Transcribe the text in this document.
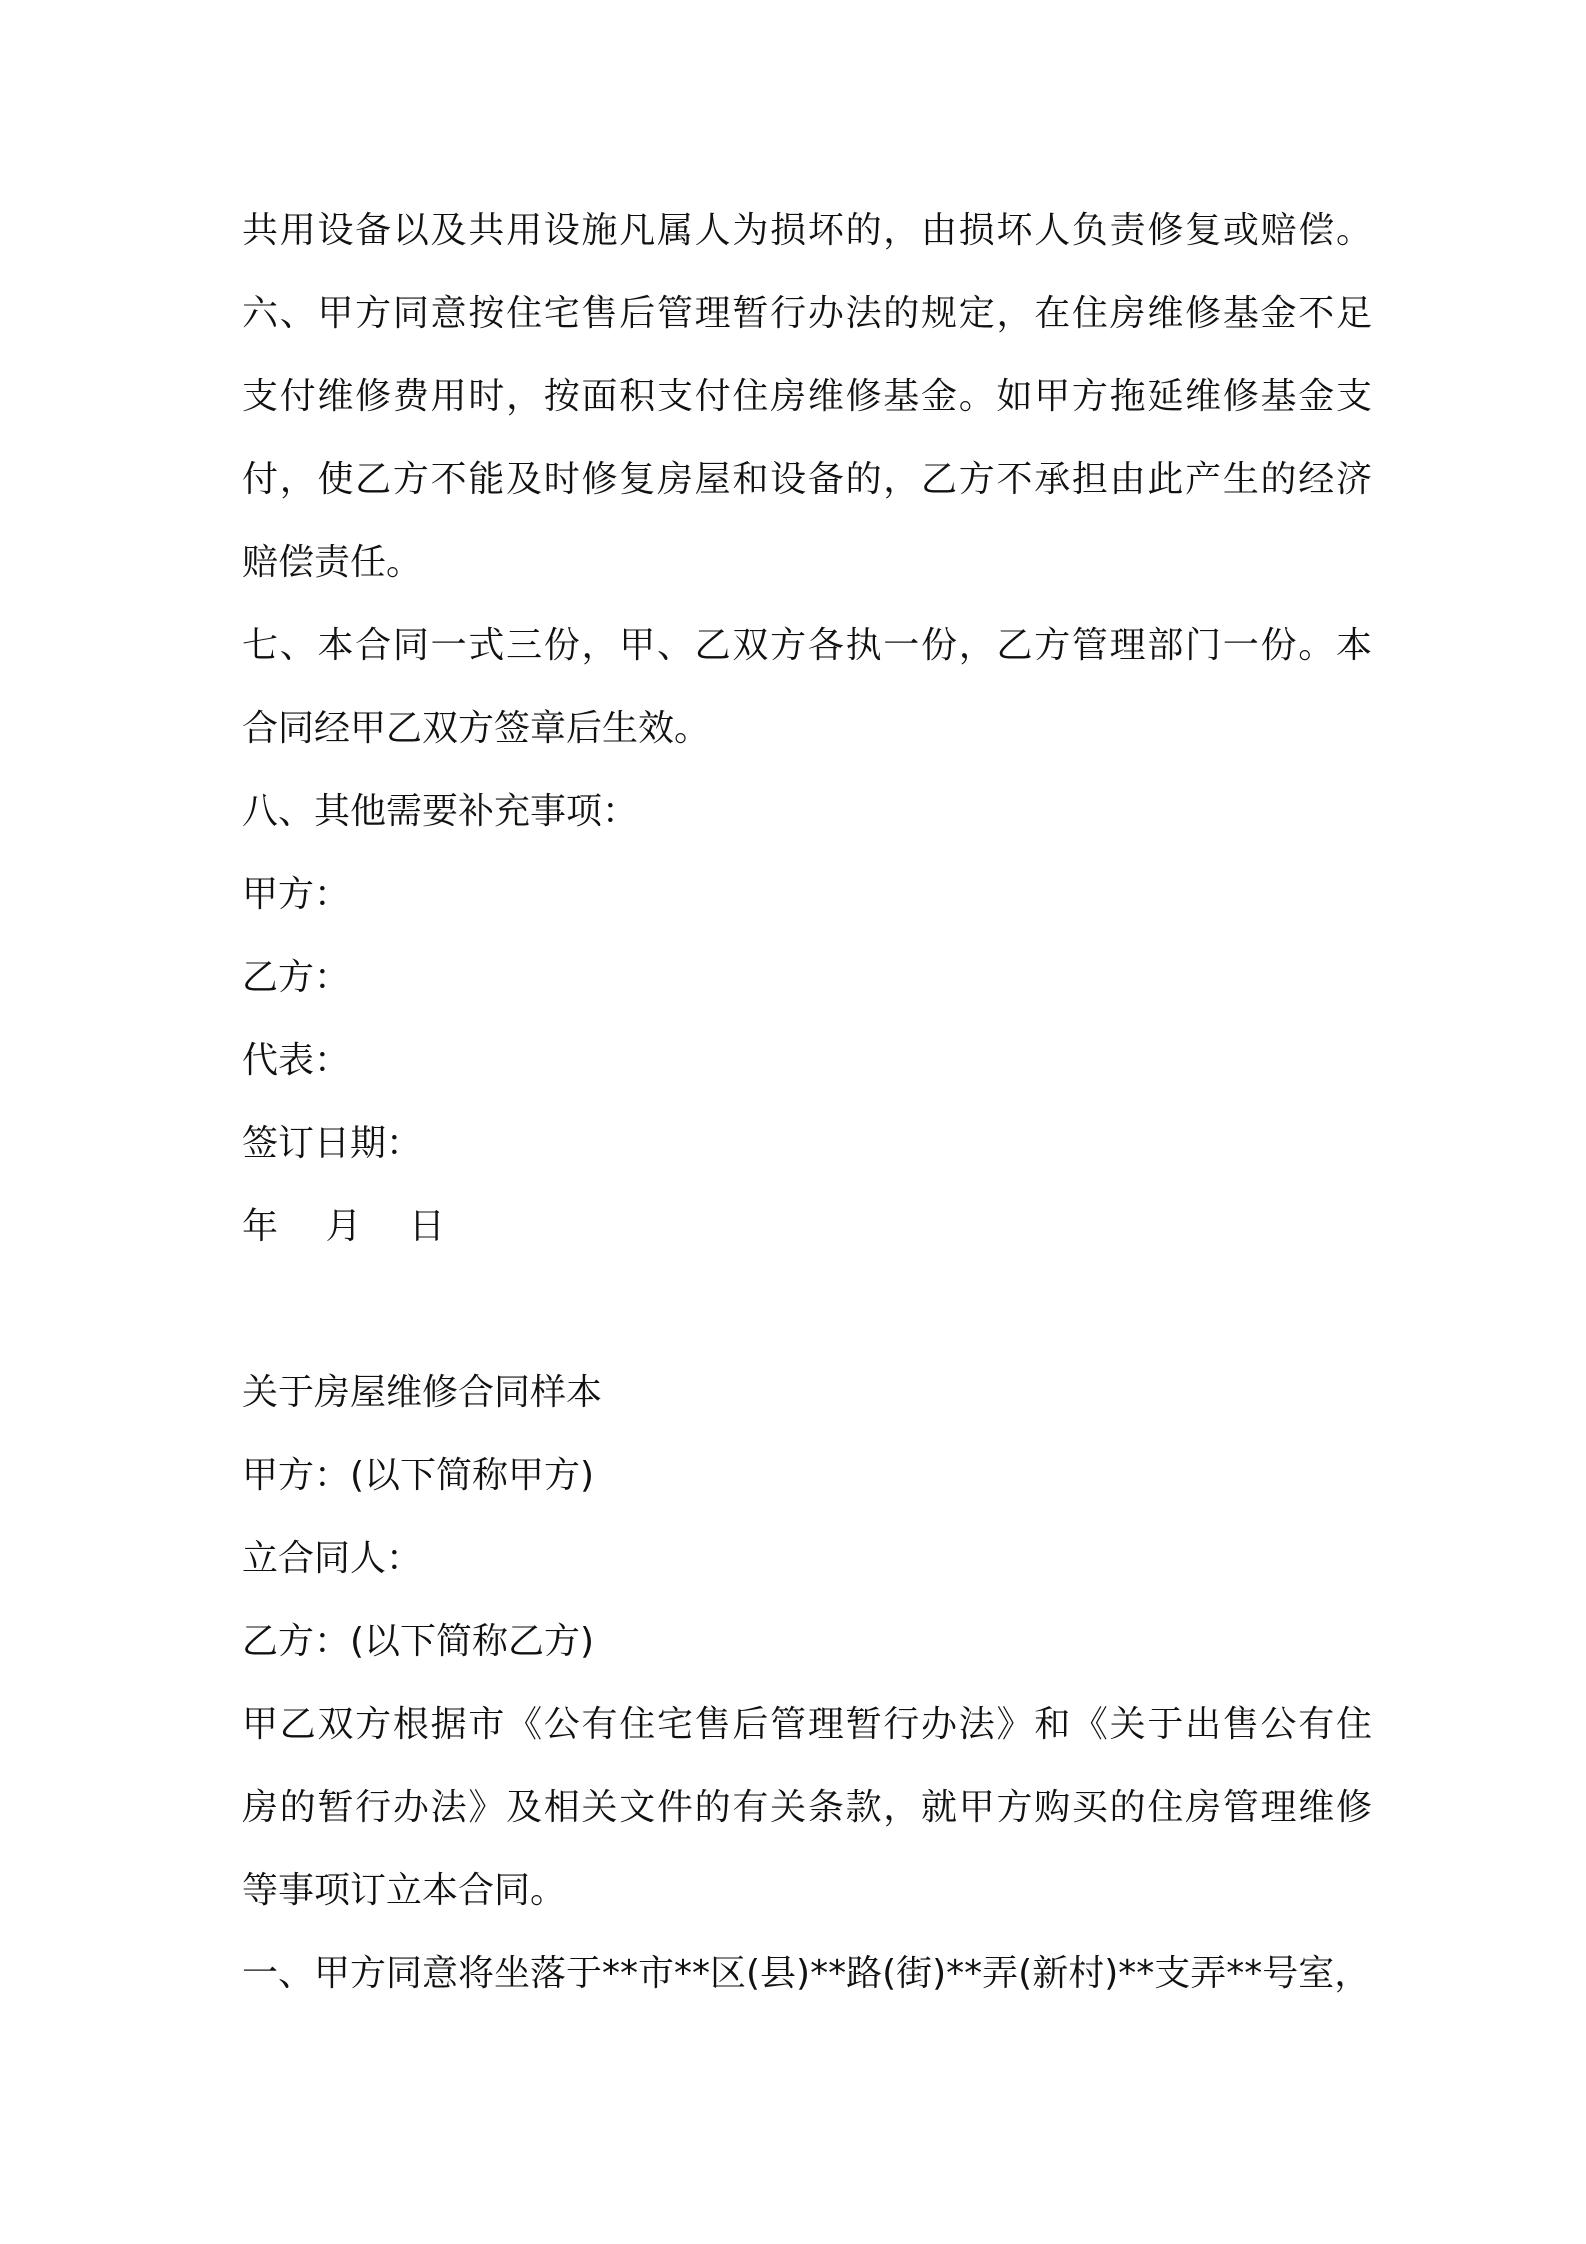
共用设备以及共用设施凡属人为损坏的，由损坏人负责修复或赔偿。
六、甲方同意按住宅售后管理暂行办法的规定，在住房维修基金不足
支付维修费用时，按面积支付住房维修基金。如甲方拖延维修基金支
付，使乙方不能及时修复房屋和设备的，乙方不承担由此产生的经济
赔偿责任。
七、本合同一式三份，甲、乙双方各执一份，乙方管理部门一份。本
合同经甲乙双方签章后生效。
八、其他需要补充事项：
甲方：
乙方：
代表：
签订日期：
年　 月　 日
关于房屋维修合同样本
甲方：(以下简称甲方)
立合同人：
乙方：(以下简称乙方)
甲乙双方根据市《公有住宅售后管理暂行办法》和《关于出售公有住
房的暂行办法》及相关文件的有关条款，就甲方购买的住房管理维修
等事项订立本合同。
一、甲方同意将坐落于**市**区(县)**路(街)**弄(新村)**支弄**号室，
